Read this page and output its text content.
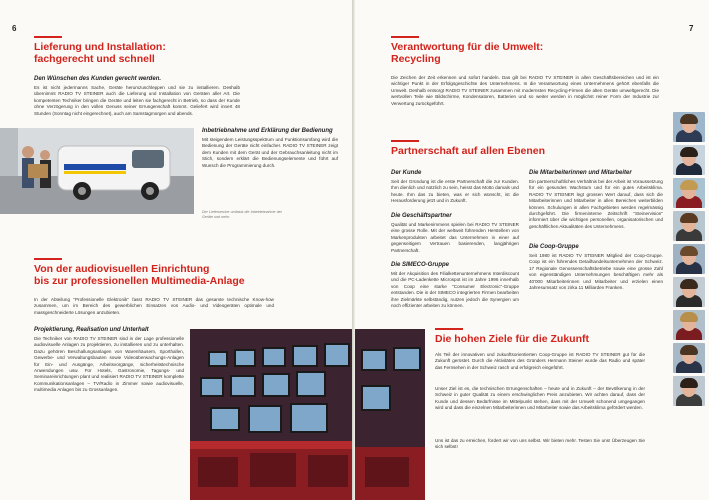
6
Lieferung und Installation:
fachgerecht und schnell
Den Wünschen des Kunden gerecht werden.

Es ist nicht jedermanns Sache, Geräte herumzuschleppen und sie zu installieren. Deshalb übernimmt RADIO TV STEINER auch die Lieferung und Installation von Geräten aller Art. Die kompetenten Techniker bringen die Geräte und leiten sie fachgerecht in Betrieb, so dass der Kunde ohne Verzögerung in den vollen Genuss seiner Errungenschaft kommt. Geliefert wird innert 48 Stunden (Sonntag nicht eingerechnet), auch am Samstagmorgen und abends.

Inbetriebnahme und Erklärung der Bedienung

Mit steigendem Leistungsspektrum und Funktionsumfang wird die Bedienung der Geräte nicht einfacher. RADIO TV STEINER zeigt dem Kunden mit dem Gerät und der Gebrauchsanleitung nicht im Stich, sondern erklärt die Bedienungselemente und führt auf Wunsch die Programmierung durch.

Der Lieferservice umfasst die Inbetriebnahme der Geräte und mehr.

Von der audiovisuellen Einrichtung
bis zur professionellen Multimedia-Anlage

In der Abteilung "Professionelle Elektronik" fasst RADIO TV STEINER das gesamte technische Know-how zusammen, um im Bereich des gewerblichen Einsatzes von Audio- und Videogeräten optimale und massgeschneiderte Lösungen anzubieten.

Projektierung, Realisation und Unterhalt

Die Techniker von RADIO TV STEINER sind in der Lage professionelle audiovisuelle Anlagen zu projektieren, zu installieren und zu unterhalten. Dazu gehören Beschallungsanlagen von Warenhäusern, Sporthallen, Gewerbe- und Verwaltungsbauten sowie Videoüberwachungs-Anlagen für Ein- und Ausgänge, Arbeitsvorgänge, sicherheitstechnische Anwendungen usw. Für Hotels, Gastronomie, Tagungs- und Seminareinrichtungen plant und realisiert RADIO TV STEINER komplette Kommunikationsanlagen – TV/Radio in Zimmer sowie audiovisuelle, multimedia Anlagen bis zu Grossanlagen.

7
Verantwortung für die Umwelt:
Recycling

Die Zeichen der Zeit erkennen und sofort handeln. Das gilt bei RADIO TV STEINER in allen Geschäftsbereichen und ist ein wichtiger Punkt in der Erfolgsgeschichte des Unternehmens. In die Verantwortung eines Unternehmens gehört ebenfalls die Umwelt. Deshalb entsorgt RADIO TV STEINER zusammen mit modernsten Recycling-Firmen die alten Geräte umweltgerecht. Die wertvollen Teile wie Bildschirme, Kondensatoren, Batterien und so weiter werden in möglichst reiner Form der Industrie zur Verwertung zurückgeführt.

Partnerschaft auf allen Ebenen
Der Kunde

Seit der Gründung ist die erste Partnerschaft die zur Kunden. Ihm dienlich und nützlich zu sein, heisst das Motto damals und heute. Ihm das zu bieten, was er sich wünscht, ist die Herausforderung jetzt und in Zukunft.

Die Geschäftspartner

Qualität und Markenimmens spielen bei RADIO TV STEINER eine grosse Rolle. Mit der weltweit führenden Herstellern von Markenprodukten arbeitet das Unternehmen in einer auf gegenseitigem Vertrauen basierenden, langjährigen Partnerschaft.

Die SIMECO-Gruppe

Mit der Akquisition des Filialkettenunternehmens Interdiscount und die PC-Ladenkette Microspot ist im Jahre 1996 innerhalb von Coop eine starke "Consumer Electronic"-Gruppe entstanden. Die in der SIMECO integrierten Firmen bearbeiten ihre Zielmärkte selbständig, nutzen jedoch die Synergien um noch effizienter arbeiten zu können.

Die Mitarbeiterinnen und Mitarbeiter

Ein partnerschaftliches Verhältnis bei der Arbeit ist Voraussetzung für ein gesundes Wachstum und für ein gutes Arbeitsklima. RADIO TV STEINER legt grossen Wert darauf, dass sich die Mitarbeiterinnen und Mitarbeiter in allen Bereichen weiterbilden können. Schulungen in allen Fachgebieten werden regelmässig durchgeführt. Die firmeninterne Zeitschrift "Steinervision" informiert über die wichtigen personellen, organisatorischen und geschäftlichen Aktualitäten des Unternehmens.

Die Coop-Gruppe

Seit 1980 ist RADIO TV STEINER Mitglied der Coop-Gruppe. Coop ist ein führendes Detailhandelsunternehmen der Schweiz. 17 Regionale Genossenschaftsbetriebe sowie eine grosse Zahl von eigenständigen Unternehmungen beschäftigen mehr als 40'000 Mitarbeiterinnen und Mitarbeiter und erzielen einen Jahresumsatz von zirka 11 Milliarden Franken.

Die hohen Ziele für die Zukunft

Als Teil der innovativen und zukunftsorientierten Coop-Gruppe ist RADIO TV STEINER gut für die Zukunft gerüstet. Durch die Aktivitäten des Gründers Hermann Steiner wurde das Radio und später das Fernsehen in der Schweiz rasch und erfolgreich eingeführt.

Unser Ziel ist es, die technischen Errungenschaften – heute und in Zukunft – der Bevölkerung in der Schweiz in guter Qualität zu einem erschwinglichen Preis anzubieten. Wir achten darauf, dass der Kunde und dessen Bedürfnisse im Mittelpunkt stehen, dass mit der Umwelt schonend umgegangen wird und dass die einzelnen Mitarbeiterinnen und Mitarbeiter sowie das Arbeitsklima gefördert werden.

Uns ist das zu erreichen, fordert wir von uns selbst. Wir bieten mehr. Testen Sie uns! Überzeugen Sie sich selbst!
